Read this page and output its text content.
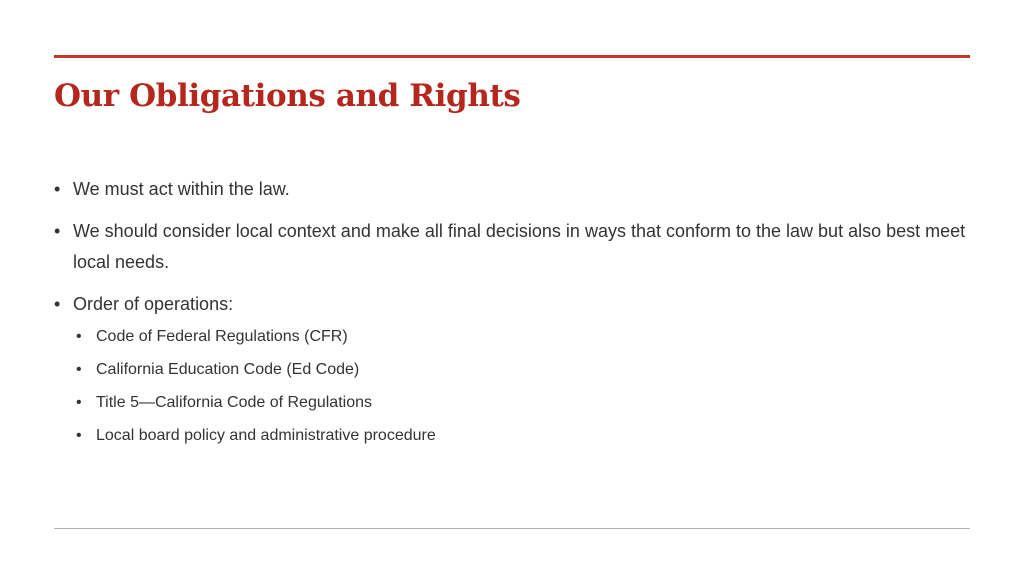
Our Obligations and Rights
• We must act within the law.
• We should consider local context and make all final decisions in ways that conform to the law but also best meet local needs.
• Order of operations:
• Code of Federal Regulations (CFR)
• California Education Code (Ed Code)
• Title 5—California Code of Regulations
• Local board policy and administrative procedure
